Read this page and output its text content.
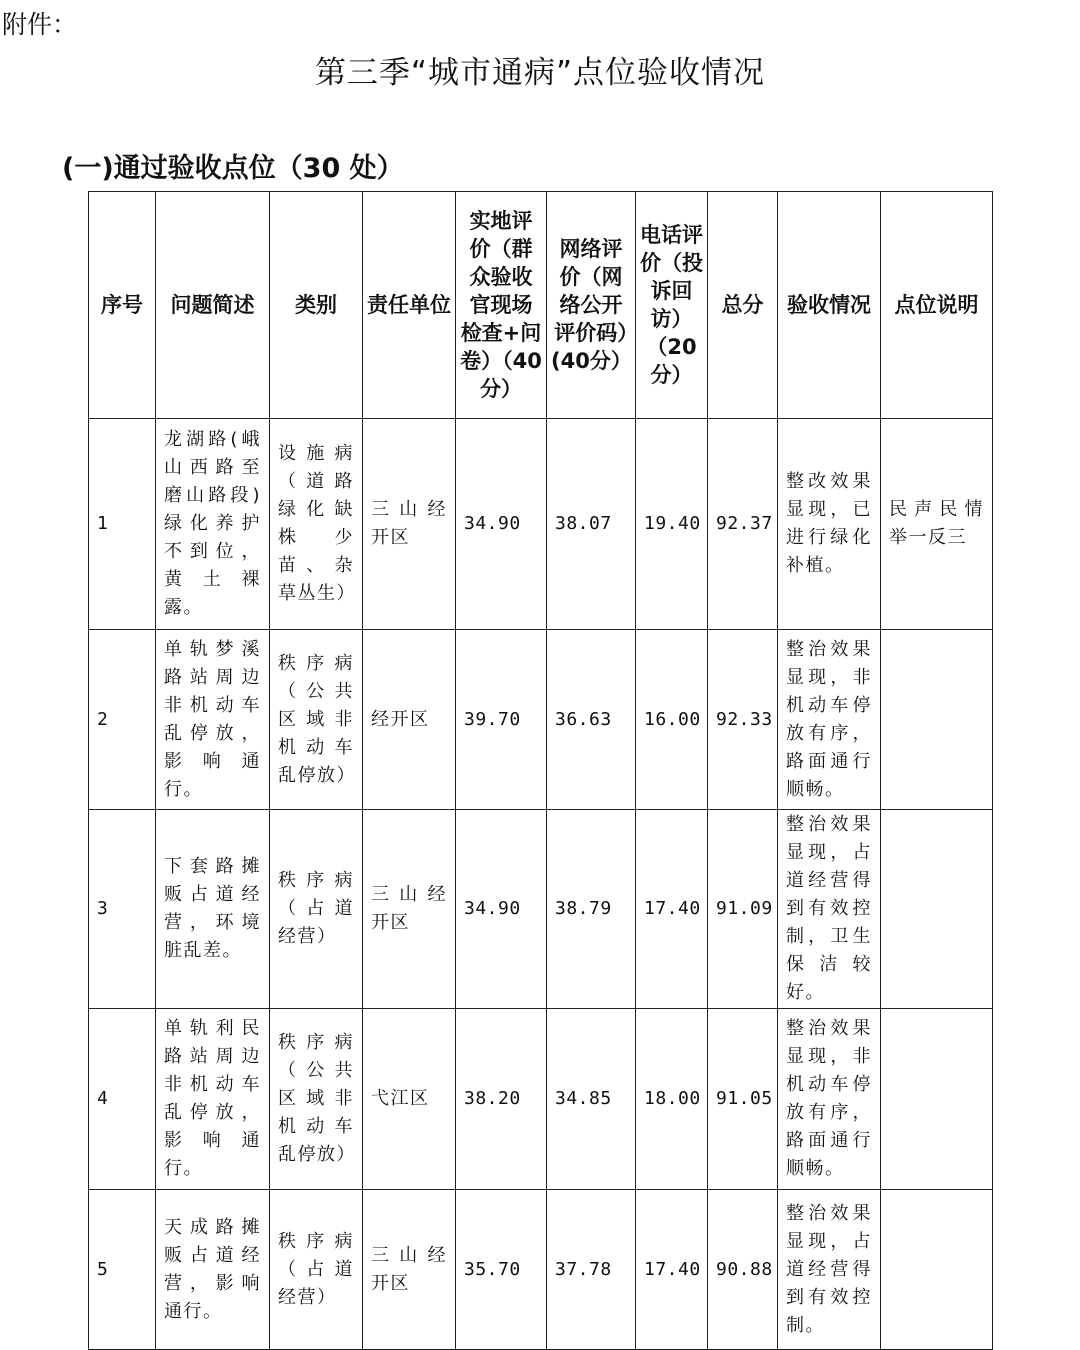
附件：
第三季“城市通病”点位验收情况
(一)通过验收点位（30 处）
序号	问题简述	类别	责任单位	实地评价（群众验收官现场检查+问卷）（40分）	网络评价（网络公开评价码）(40分）	电话评价（投诉回访）（20分）	总分	验收情况	点位说明
1	龙湖路(峨山西路至磨山路段)绿化养护不到位，黄土裸露。	设施病（道路绿化缺株少苗、杂草丛生）	三山经开区	34.90	38.07	19.40	92.37	整改效果显现，已进行绿化补植。	民声民情举一反三
2	单轨梦溪路站周边非机动车乱停放，影响通行。	秩序病（公共区域非机动车乱停放）	经开区	39.70	36.63	16.00	92.33	整治效果显现，非机动车停放有序，路面通行顺畅。	
3	下套路摊贩占道经营，环境脏乱差。	秩序病（占道经营）	三山经开区	34.90	38.79	17.40	91.09	整治效果显现，占道经营得到有效控制，卫生保洁较好。	
4	单轨利民路站周边非机动车乱停放，影响通行。	秩序病（公共区域非机动车乱停放）	弋江区	38.20	34.85	18.00	91.05	整治效果显现，非机动车停放有序，路面通行顺畅。	
5	天成路摊贩占道经营，影响通行。	秩序病（占道经营）	三山经开区	35.70	37.78	17.40	90.88	整治效果显现，占道经营得到有效控制。	
